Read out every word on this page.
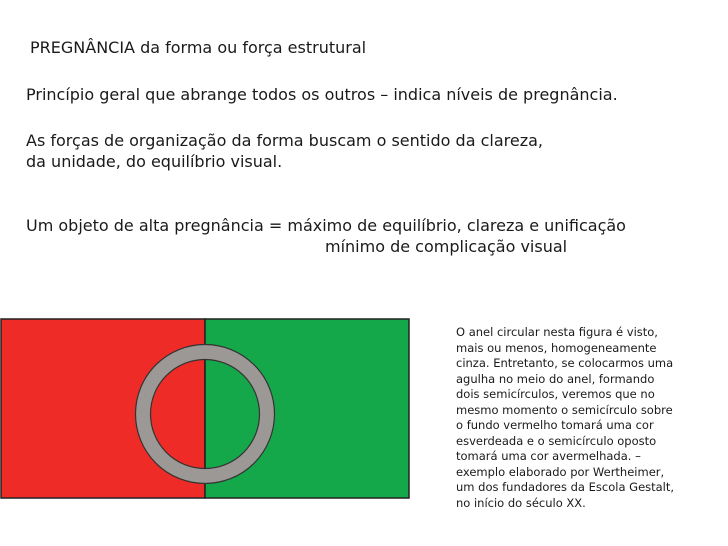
PREGNÂNCIA da forma ou força estrutural
Princípio geral que abrange todos os outros – indica níveis de pregnância.
As forças de organização da forma buscam o sentido da clareza,
da unidade, do equilíbrio visual.
Um objeto de alta pregnância = máximo de equilíbrio, clareza e unificação
mínimo de complicação visual
O anel circular nesta figura é visto,
mais ou menos, homogeneamente
cinza. Entretanto, se colocarmos uma
agulha no meio do anel, formando
dois semicírculos, veremos que no
mesmo momento o semicírculo sobre
o fundo vermelho tomará uma cor
esverdeada e o semicírculo oposto
tomará uma cor avermelhada. –
exemplo elaborado por Wertheimer,
um dos fundadores da Escola Gestalt,
no início do século XX.
